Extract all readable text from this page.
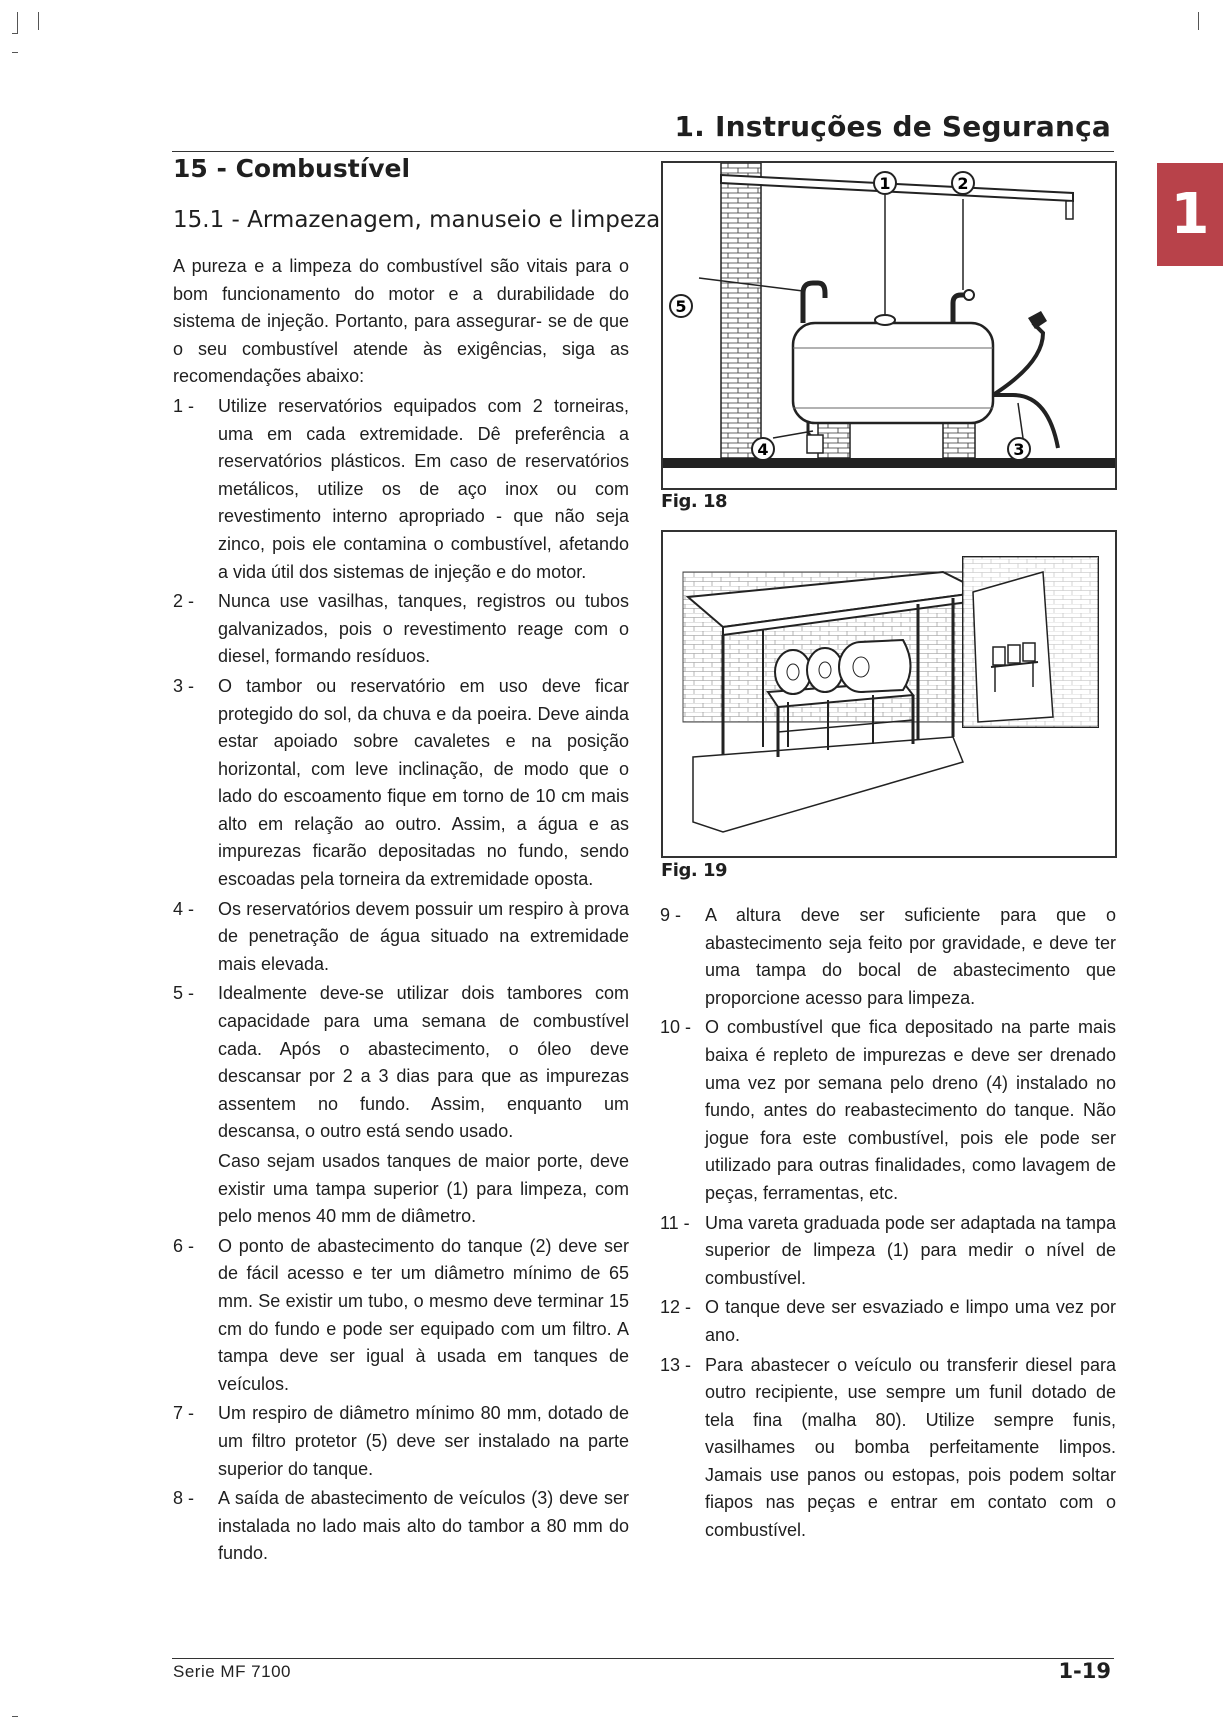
1. Instruções de Segurança
1
15 - Combustível
15.1 - Armazenagem, manuseio e limpeza

A pureza e a limpeza do combustível são vitais para o bom funcionamento do motor e a durabilidade do sistema de injeção. Portanto, para assegurar- se de que o seu combustível atende às exigências, siga as recomendações abaixo:

1 -	Utilize reservatórios equipados com 2 torneiras, uma em cada extremidade. Dê preferência a reservatórios plásticos. Em caso de reservatórios metálicos, utilize os de aço inox ou com revestimento interno apropriado - que não seja zinco, pois ele contamina o combustível, afetando a vida útil dos sistemas de injeção e do motor.
2 -	Nunca use vasilhas, tanques, registros ou tubos galvanizados, pois o revestimento reage com o diesel, formando resíduos.
3 -	O tambor ou reservatório em uso deve ficar protegido do sol, da chuva e da poeira. Deve ainda estar apoiado sobre cavaletes e na posição horizontal, com leve inclinação, de modo que o lado do escoamento fique em torno de 10 cm mais alto em relação ao outro. Assim, a água e as impurezas ficarão depositadas no fundo, sendo escoadas pela torneira da extremidade oposta.
4 -	Os reservatórios devem possuir um respiro à prova de penetração de água situado na extremidade mais elevada.
5 -	Idealmente deve-se utilizar dois tambores com capacidade para uma semana de combustível cada. Após o abastecimento, o óleo deve descansar por 2 a 3 dias para que as impurezas assentem no fundo. Assim, enquanto um descansa, o outro está sendo usado.
Caso sejam usados tanques de maior porte, deve existir uma tampa superior (1) para limpeza, com pelo menos 40 mm de diâmetro.
6 -	O ponto de abastecimento do tanque (2) deve ser de fácil acesso e ter um diâmetro mínimo de 65 mm. Se existir um tubo, o mesmo deve terminar 15 cm do fundo e pode ser equipado com um filtro. A tampa deve ser igual à usada em tanques de veículos.
7 -	Um respiro de diâmetro mínimo 80 mm, dotado de um filtro protetor (5) deve ser instalado na parte superior do tanque.
8 -	A saída de abastecimento de veículos (3) deve ser instalada no lado mais alto do tambor a 80 mm do fundo.
1	2
3
4
5
Fig. 18
Fig. 19
9 -	A altura deve ser suficiente para que o abastecimento seja feito por gravidade, e deve ter uma tampa do bocal de abastecimento que proporcione acesso para limpeza.
10 - O combustível que fica depositado na parte mais baixa é repleto de impurezas e deve ser drenado uma vez por semana pelo dreno (4) instalado no fundo, antes do reabastecimento do tanque. Não jogue fora este combustível, pois ele pode ser utilizado para outras finalidades, como lavagem de peças, ferramentas, etc.
11 - Uma vareta graduada pode ser adaptada na tampa superior de limpeza (1) para medir o nível de combustível.
12 - O tanque deve ser esvaziado e limpo uma vez por ano.
13 - Para abastecer o veículo ou transferir diesel para outro recipiente, use sempre um funil dotado de tela fina (malha 80). Utilize sempre funis, vasilhames ou bomba perfeitamente limpos. Jamais use panos ou estopas, pois podem soltar fiapos nas peças e entrar em contato com o combustível.
Serie MF 7100	1-19
